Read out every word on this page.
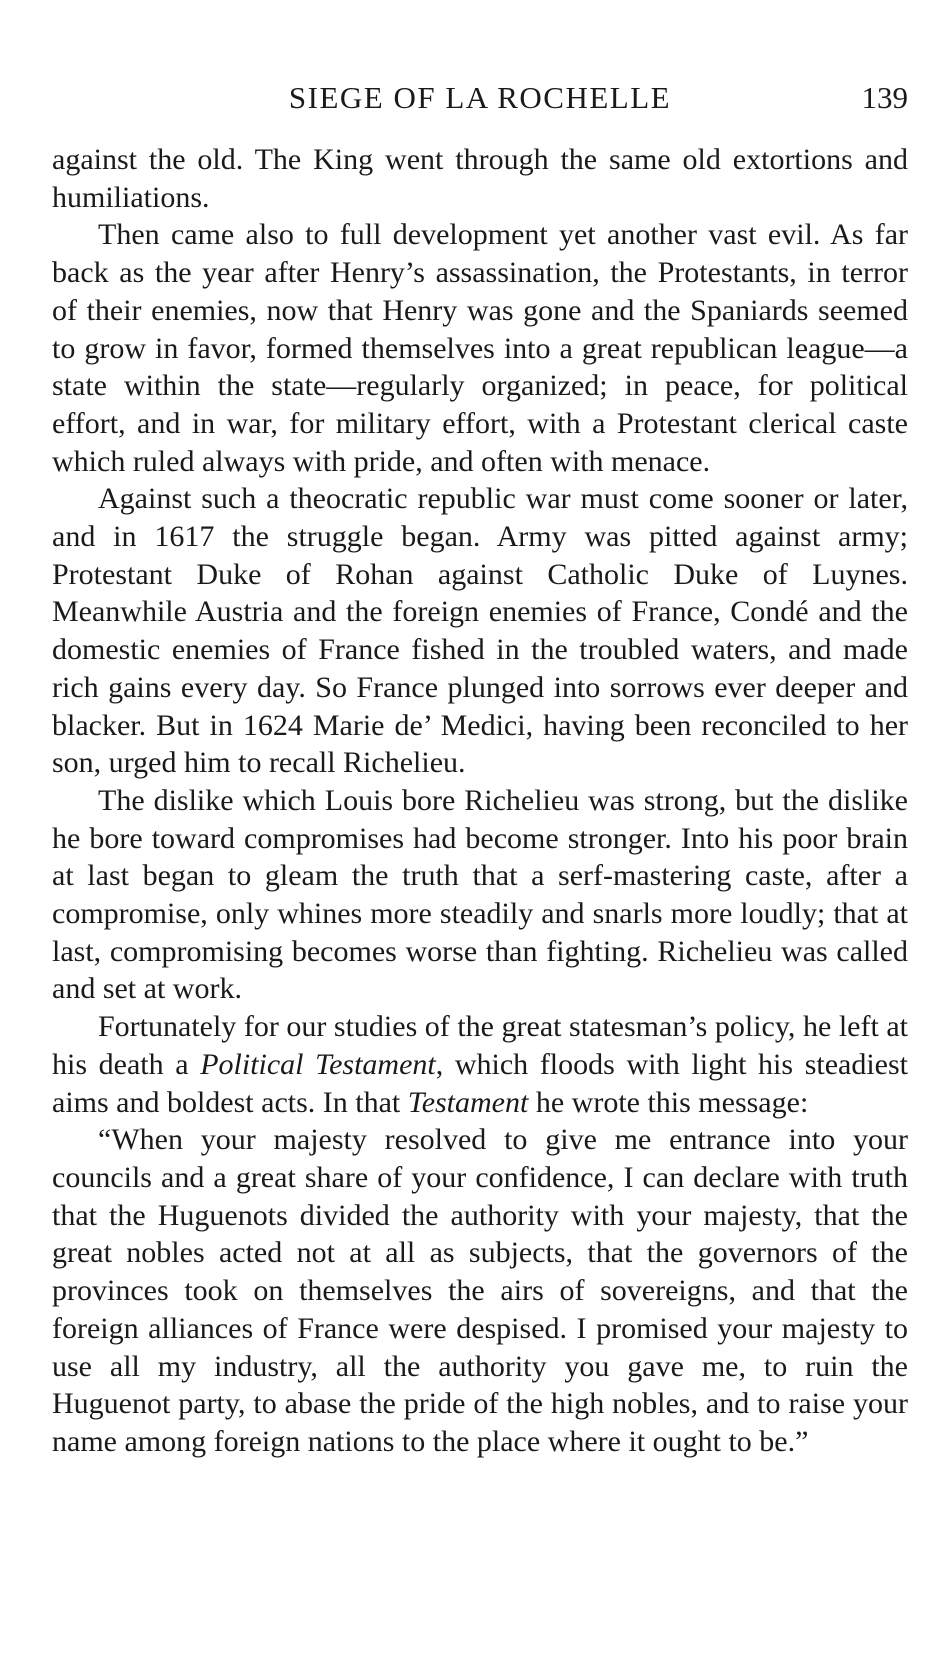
SIEGE OF LA ROCHELLE	139

against the old. The King went through the same old extortions and humiliations.

Then came also to full development yet another vast evil. As far back as the year after Henry’s assassination, the Protestants, in terror of their enemies, now that Henry was gone and the Spaniards seemed to grow in favor, formed themselves into a great republican league—a state within the state—regularly organized; in peace, for political effort, and in war, for military effort, with a Protestant clerical caste which ruled always with pride, and often with menace.

Against such a theocratic republic war must come sooner or later, and in 1617 the struggle began. Army was pitted against army; Protestant Duke of Rohan against Catholic Duke of Luynes. Meanwhile Austria and the foreign enemies of France, Condé and the domestic enemies of France fished in the troubled waters, and made rich gains every day. So France plunged into sorrows ever deeper and blacker. But in 1624 Marie de’ Medici, having been reconciled to her son, urged him to recall Richelieu.

The dislike which Louis bore Richelieu was strong, but the dislike he bore toward compromises had become stronger. Into his poor brain at last began to gleam the truth that a serf-mastering caste, after a compromise, only whines more steadily and snarls more loudly; that at last, compromising becomes worse than fighting. Richelieu was called and set at work.

Fortunately for our studies of the great statesman’s policy, he left at his death a Political Testament, which floods with light his steadiest aims and boldest acts. In that Testament he wrote this message:

“When your majesty resolved to give me entrance into your councils and a great share of your confidence, I can declare with truth that the Huguenots divided the authority with your majesty, that the great nobles acted not at all as subjects, that the governors of the provinces took on themselves the airs of sovereigns, and that the foreign alliances of France were despised. I promised your majesty to use all my industry, all the authority you gave me, to ruin the Huguenot party, to abase the pride of the high nobles, and to raise your name among foreign nations to the place where it ought to be.”
